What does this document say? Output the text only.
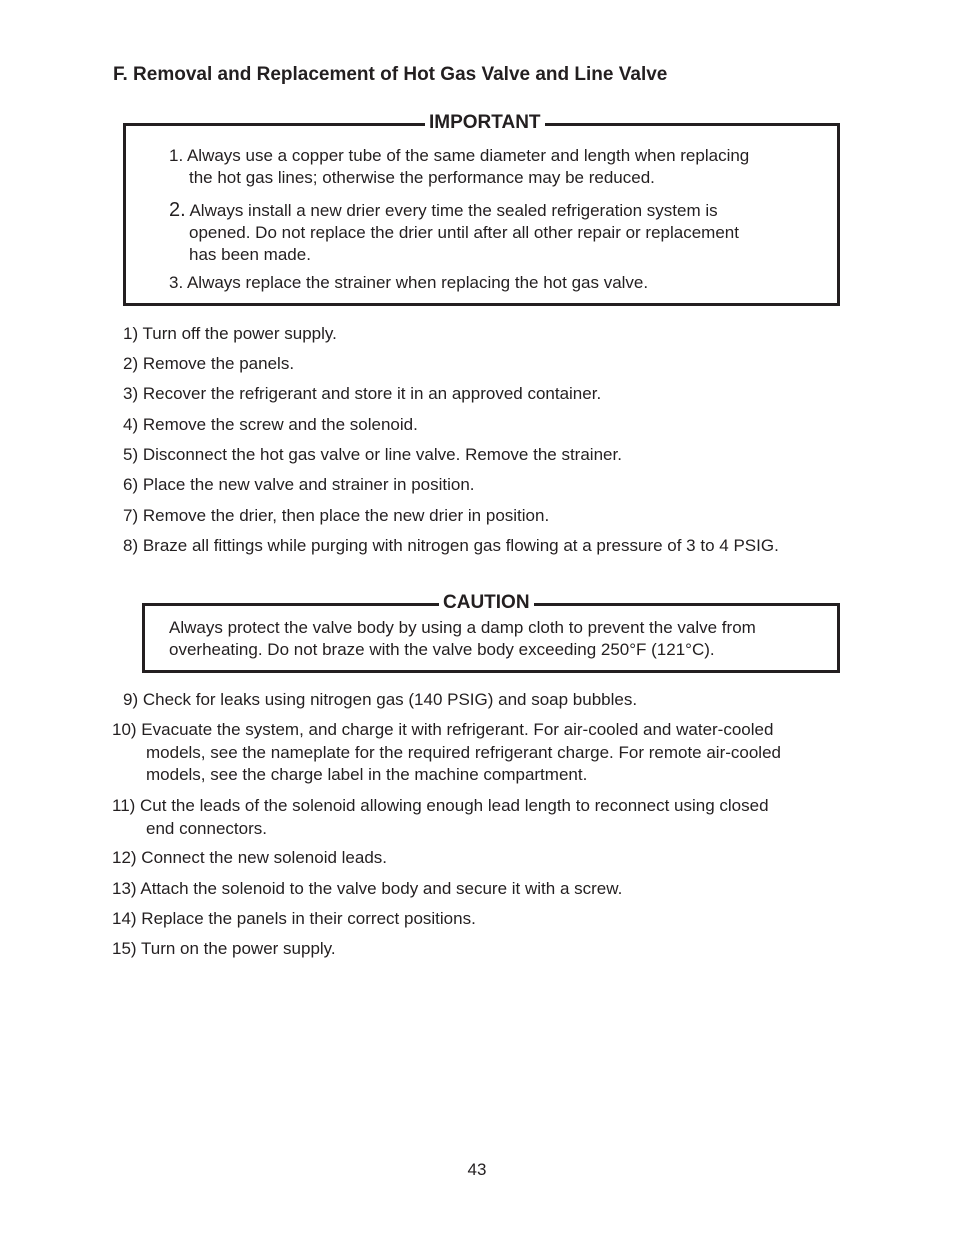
F. Removal and Replacement of Hot Gas Valve and Line Valve
IMPORTANT
1. Always use a copper tube of the same diameter and length when replacing
the hot gas lines; otherwise the performance may be reduced.
2. Always install a new drier every time the sealed refrigeration system is
opened. Do not replace the drier until after all other repair or replacement
has been made.
3. Always replace the strainer when replacing the hot gas valve.
1) Turn off the power supply.
2) Remove the panels.
3) Recover the refrigerant and store it in an approved container.
4) Remove the screw and the solenoid.
5) Disconnect the hot gas valve or line valve. Remove the strainer.
6) Place the new valve and strainer in position.
7) Remove the drier, then place the new drier in position.
8) Braze all fittings while purging with nitrogen gas flowing at a pressure of 3 to 4 PSIG.
CAUTION
Always protect the valve body by using a damp cloth to prevent the valve from
overheating. Do not braze with the valve body exceeding 250°F (121°C).
9) Check for leaks using nitrogen gas (140 PSIG) and soap bubbles.
10) Evacuate the system, and charge it with refrigerant. For air-cooled and water-cooled
models, see the nameplate for the required refrigerant charge. For remote air-cooled
models, see the charge label in the machine compartment.
11) Cut the leads of the solenoid allowing enough lead length to reconnect using closed
end connectors.
12) Connect the new solenoid leads.
13) Attach the solenoid to the valve body and secure it with a screw.
14) Replace the panels in their correct positions.
15) Turn on the power supply.
43
